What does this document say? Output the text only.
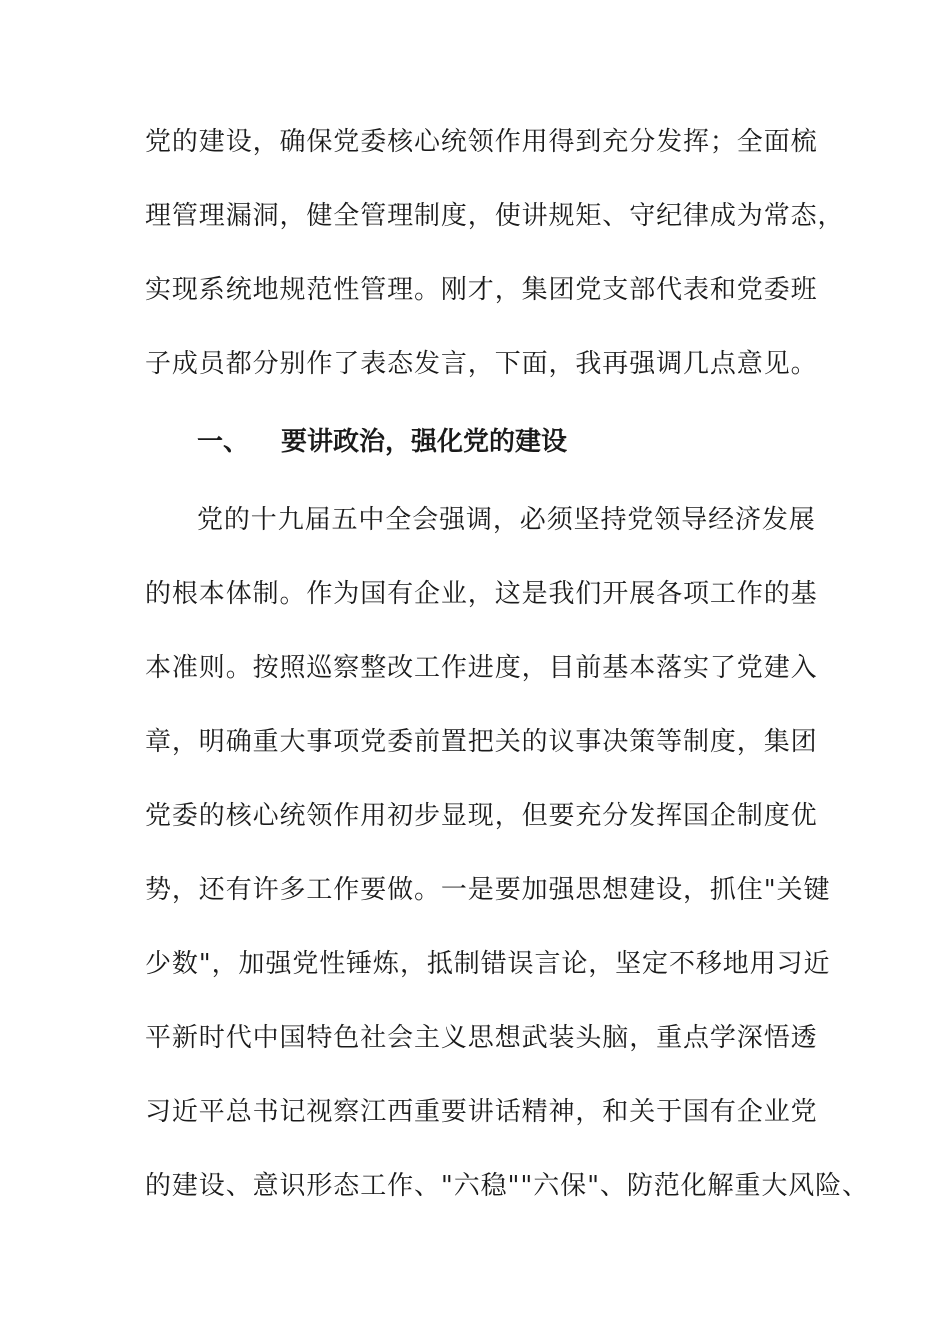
党的建设，确保党委核心统领作用得到充分发挥；全面梳
理管理漏洞，健全管理制度，使讲规矩、守纪律成为常态，
实现系统地规范性管理。刚才，集团党支部代表和党委班
子成员都分别作了表态发言，下面，我再强调几点意见。
一、 要讲政治，强化党的建设
党的十九届五中全会强调，必须坚持党领导经济发展
的根本体制。作为国有企业，这是我们开展各项工作的基
本准则。按照巡察整改工作进度，目前基本落实了党建入
章，明确重大事项党委前置把关的议事决策等制度，集团
党委的核心统领作用初步显现，但要充分发挥国企制度优
势，还有许多工作要做。一是要加强思想建设，抓住"关键
少数"，加强党性锤炼，抵制错误言论，坚定不移地用习近
平新时代中国特色社会主义思想武装头脑，重点学深悟透
习近平总书记视察江西重要讲话精神，和关于国有企业党
的建设、意识形态工作、"六稳""六保"、防范化解重大风险、
